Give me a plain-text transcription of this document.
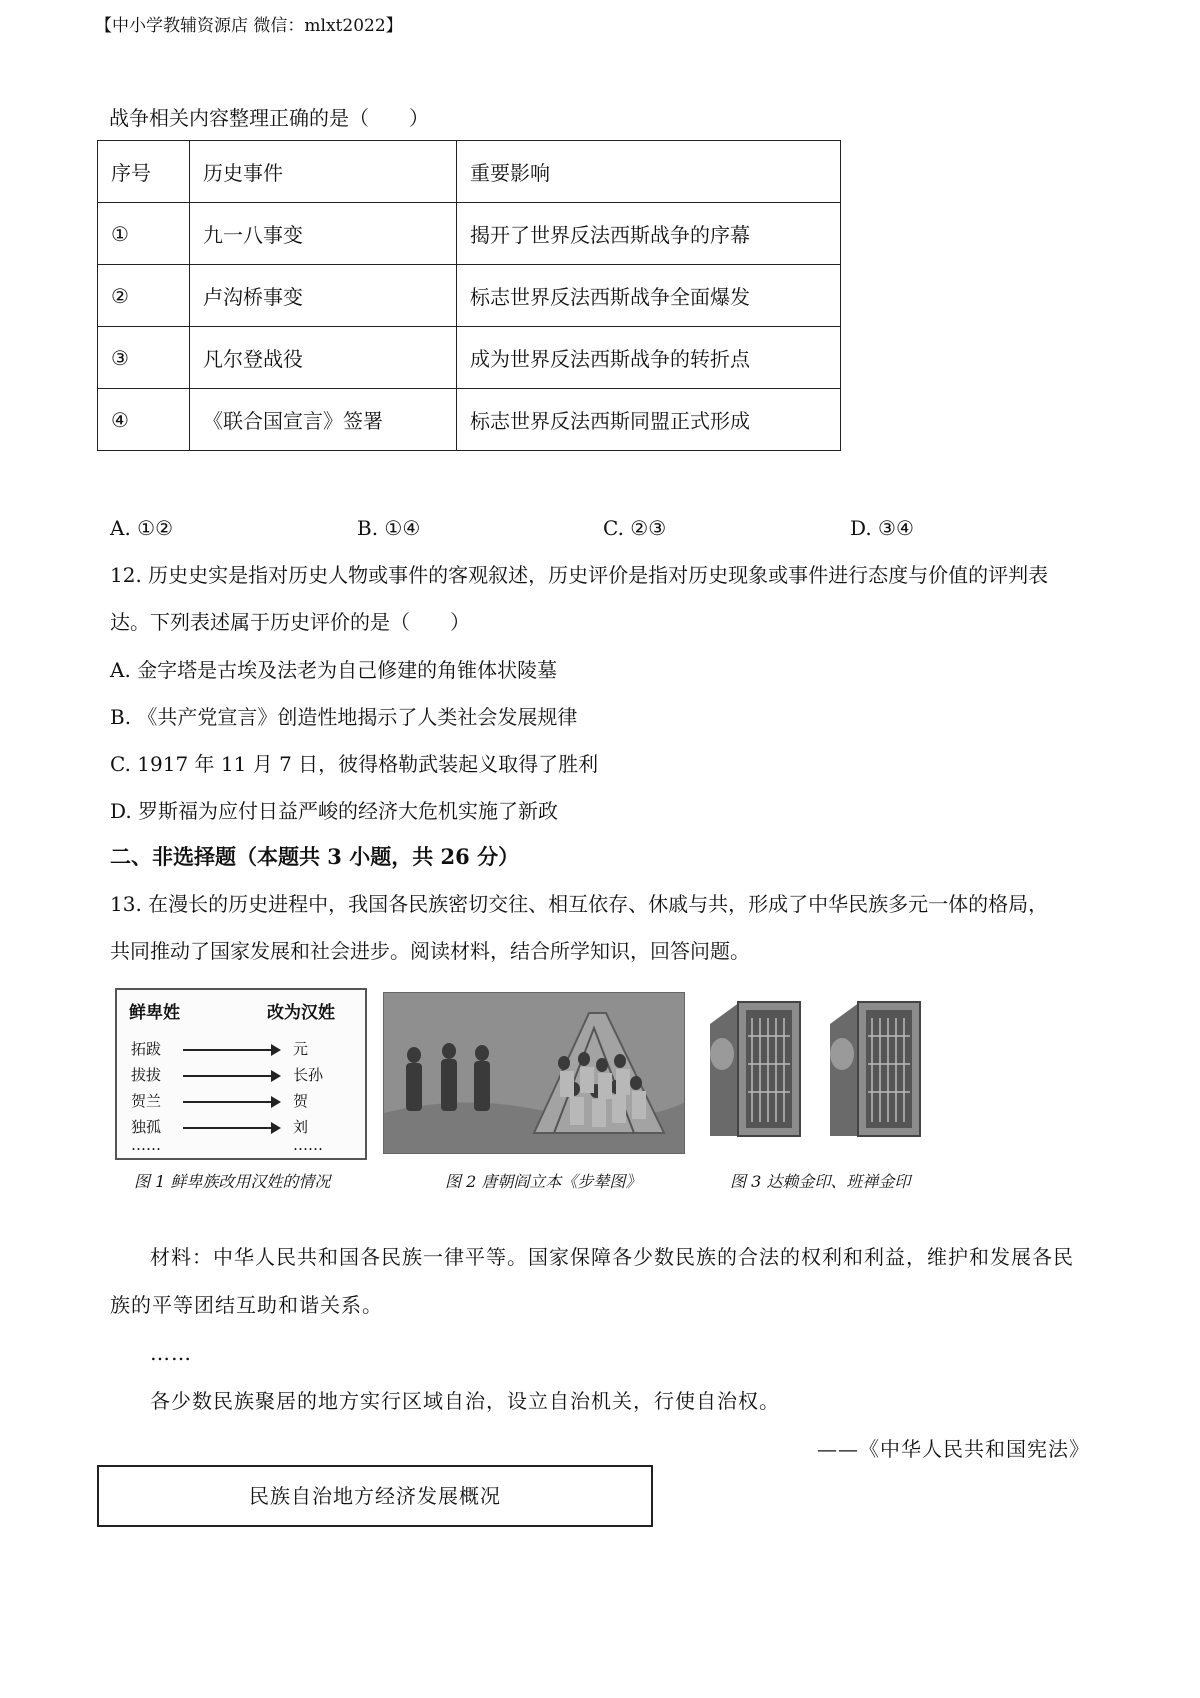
【中小学教辅资源店 微信：mlxt2022】
战争相关内容整理正确的是（　　）
序号	历史事件	重要影响
①	九一八事变	揭开了世界反法西斯战争的序幕
②	卢沟桥事变	标志世界反法西斯战争全面爆发
③	凡尔登战役	成为世界反法西斯战争的转折点
④	《联合国宣言》签署	标志世界反法西斯同盟正式形成
A. ①②	B. ①④	C. ②③	D. ③④
12. 历史史实是指对历史人物或事件的客观叙述，历史评价是指对历史现象或事件进行态度与价值的评判表
达。下列表述属于历史评价的是（　　）
A. 金字塔是古埃及法老为自己修建的角锥体状陵墓
B. 《共产党宣言》创造性地揭示了人类社会发展规律
C. 1917 年 11 月 7 日，彼得格勒武装起义取得了胜利
D. 罗斯福为应付日益严峻的经济大危机实施了新政
二、非选择题（本题共 3 小题，共 26 分）
13. 在漫长的历史进程中，我国各民族密切交往、相互依存、休戚与共，形成了中华民族多元一体的格局，
共同推动了国家发展和社会进步。阅读材料，结合所学知识，回答问题。
鲜卑姓	改为汉姓
拓跋	元
拔拔	长孙
贺兰	贺
独孤	刘
……	……
图 1 鲜卑族改用汉姓的情况	图 2 唐朝阎立本《步辇图》	图 3 达赖金印、班禅金印
材料：中华人民共和国各民族一律平等。国家保障各少数民族的合法的权利和利益，维护和发展各民
族的平等团结互助和谐关系。
……
各少数民族聚居的地方实行区域自治，设立自治机关，行使自治权。
——《中华人民共和国宪法》
民族自治地方经济发展概况
